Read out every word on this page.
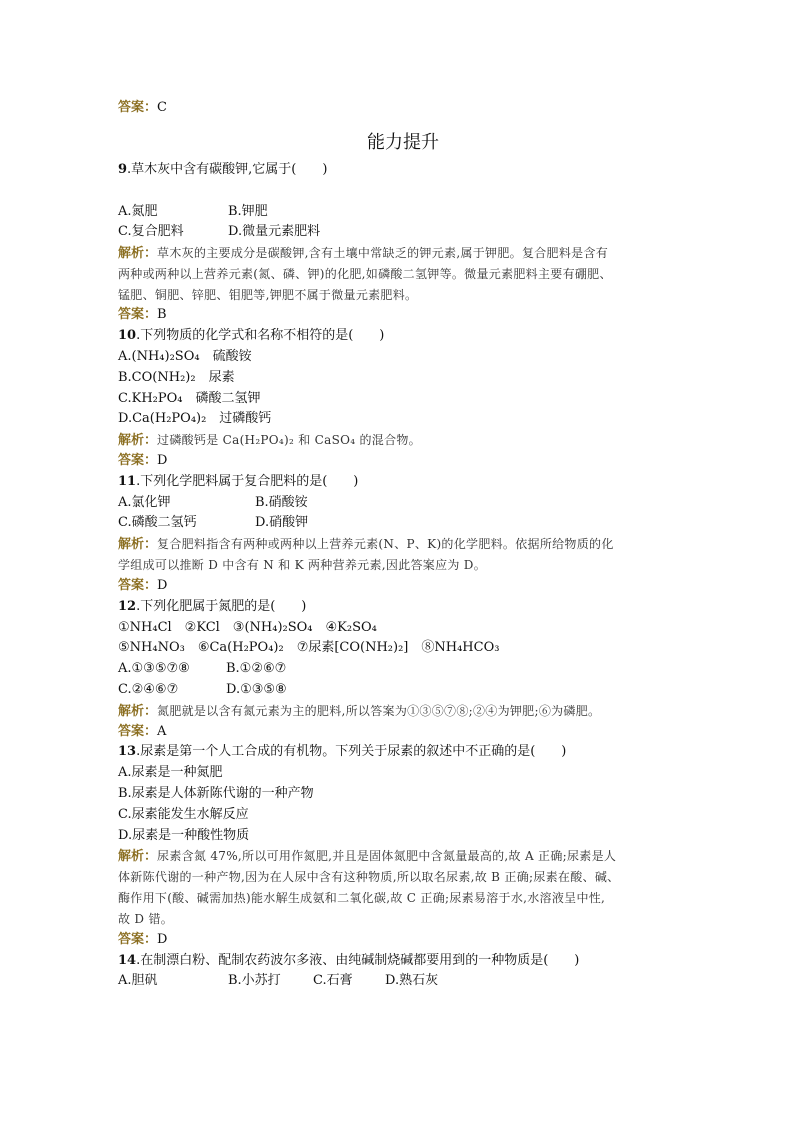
答案：C
能力提升
9.草木灰中含有碳酸钾,它属于(　　)
A.氮肥	B.钾肥
C.复合肥料	D.微量元素肥料
解析：草木灰的主要成分是碳酸钾,含有土壤中常缺乏的钾元素,属于钾肥。复合肥料是含有
两种或两种以上营养元素(氮、磷、钾)的化肥,如磷酸二氢钾等。微量元素肥料主要有硼肥、
锰肥、铜肥、锌肥、钼肥等,钾肥不属于微量元素肥料。
答案：B
10.下列物质的化学式和名称不相符的是(　　)
A.(NH₄)₂SO₄　硫酸铵
B.CO(NH₂)₂　尿素
C.KH₂PO₄　磷酸二氢钾
D.Ca(H₂PO₄)₂　过磷酸钙
解析：过磷酸钙是 Ca(H₂PO₄)₂ 和 CaSO₄ 的混合物。
答案：D
11.下列化学肥料属于复合肥料的是(　　)
A.氯化钾	B.硝酸铵
C.磷酸二氢钙	D.硝酸钾
解析：复合肥料指含有两种或两种以上营养元素(N、P、K)的化学肥料。依据所给物质的化
学组成可以推断 D 中含有 N 和 K 两种营养元素,因此答案应为 D。
答案：D
12.下列化肥属于氮肥的是(　　)
①NH₄Cl　②KCl　③(NH₄)₂SO₄　④K₂SO₄
⑤NH₄NO₃　⑥Ca(H₂PO₄)₂　⑦尿素[CO(NH₂)₂]　⑧NH₄HCO₃
A.①③⑤⑦⑧	B.①②⑥⑦
C.②④⑥⑦	D.①③⑤⑧
解析：氮肥就是以含有氮元素为主的肥料,所以答案为①③⑤⑦⑧;②④为钾肥;⑥为磷肥。
答案：A
13.尿素是第一个人工合成的有机物。下列关于尿素的叙述中不正确的是(　　)
A.尿素是一种氮肥
B.尿素是人体新陈代谢的一种产物
C.尿素能发生水解反应
D.尿素是一种酸性物质
解析：尿素含氮 47%,所以可用作氮肥,并且是固体氮肥中含氮量最高的,故 A 正确;尿素是人
体新陈代谢的一种产物,因为在人尿中含有这种物质,所以取名尿素,故 B 正确;尿素在酸、碱、
酶作用下(酸、碱需加热)能水解生成氨和二氧化碳,故 C 正确;尿素易溶于水,水溶液呈中性,
故 D 错。
答案：D
14.在制漂白粉、配制农药波尔多液、由纯碱制烧碱都要用到的一种物质是(　　)
A.胆矾	B.小苏打 C.石膏 D.熟石灰
